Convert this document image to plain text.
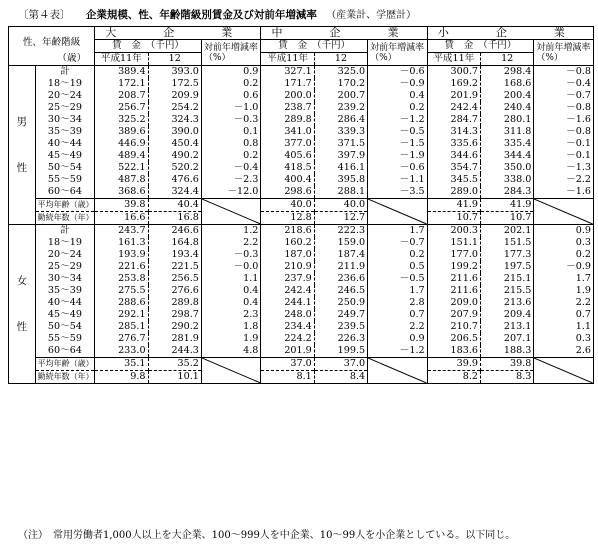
〔第４表〕 企業規模、性、年齢階級別賃金及び対前年増減率 （産業計、学歴計）
性、年齢階級		大　企　業			中　企　業			小　企　業		
		賃　金　（千円）		対前年増減率（%）	賃　金　（千円）		対前年増減率（%）	賃　金　（千円）		対前年増減率（%）
（歳）		平成11年	12		平成11年	12		平成11年	12	

男
性	計	389.4	393.0	0.9	327.1	325.0	－0.6	300.7	298.4	－0.8
	18～19	172.1	172.5	0.2	171.7	170.2	－0.9	169.2	168.6	－0.4
	20～24	208.7	209.9	0.6	200.0	200.7	0.4	201.9	200.4	－0.7
	25～29	256.7	254.2	－1.0	238.7	239.2	0.2	242.4	240.4	－0.8
	30～34	325.2	324.3	－0.3	289.8	286.4	－1.2	284.7	280.1	－1.6
	35～39	389.6	390.0	0.1	341.0	339.3	－0.5	314.3	311.8	－0.8
	40～44	446.9	450.4	0.8	377.0	371.5	－1.5	335.6	335.4	－0.1
	45～49	489.4	490.2	0.2	405.6	397.9	－1.9	344.6	344.4	－0.1
	50～54	522.1	520.2	－0.4	418.5	416.1	－0.6	354.7	350.0	－1.3
	55～59	487.8	476.6	－2.3	400.4	395.8	－1.1	345.5	338.0	－2.2
	60～64	368.6	324.4	－12.0	298.6	288.1	－3.5	289.0	284.3	－1.6
	平均年齢（歳）	39.8	40.4		40.0	40.0		41.9	41.9	

	勤続年数（年）	16.6	16.8		12.8	12.7		10.7	10.7	

女
性	計	243.7	246.6	1.2	218.6	222.3	1.7	200.3	202.1	0.9
	18～19	161.3	164.8	2.2	160.2	159.0	－0.7	151.1	151.5	0.3
	20～24	193.9	193.4	－0.3	187.0	187.4	0.2	177.0	177.3	0.2
	25～29	221.6	221.5	－0.0	210.9	211.9	0.5	199.2	197.5	－0.9
	30～34	253.8	256.5	1.1	237.9	236.6	－0.5	211.6	215.1	1.7
	35～39	275.5	276.6	0.4	242.4	246.5	1.7	211.6	215.5	1.9
	40～44	288.6	289.8	0.4	244.1	250.9	2.8	209.0	213.6	2.2
	45～49	292.1	298.7	2.3	248.0	249.7	0.7	207.9	209.4	0.7
	50～54	285.1	290.2	1.8	234.4	239.5	2.2	210.7	213.1	1.1
	55～59	276.7	281.9	1.9	224.2	226.3	0.9	206.5	207.1	0.3
	60～64	233.0	244.3	4.8	201.9	199.5	－1.2	183.6	188.3	2.6
	平均年齢（歳）	35.1	35.2		37.0	37.0		39.9	39.8	

	勤続年数（年）	9.8	10.1		8.1	8.4		8.2	8.3	
（注）　常用労働者1,000人以上を大企業、100～999人を中企業、10～99人を小企業としている。以下同じ。
